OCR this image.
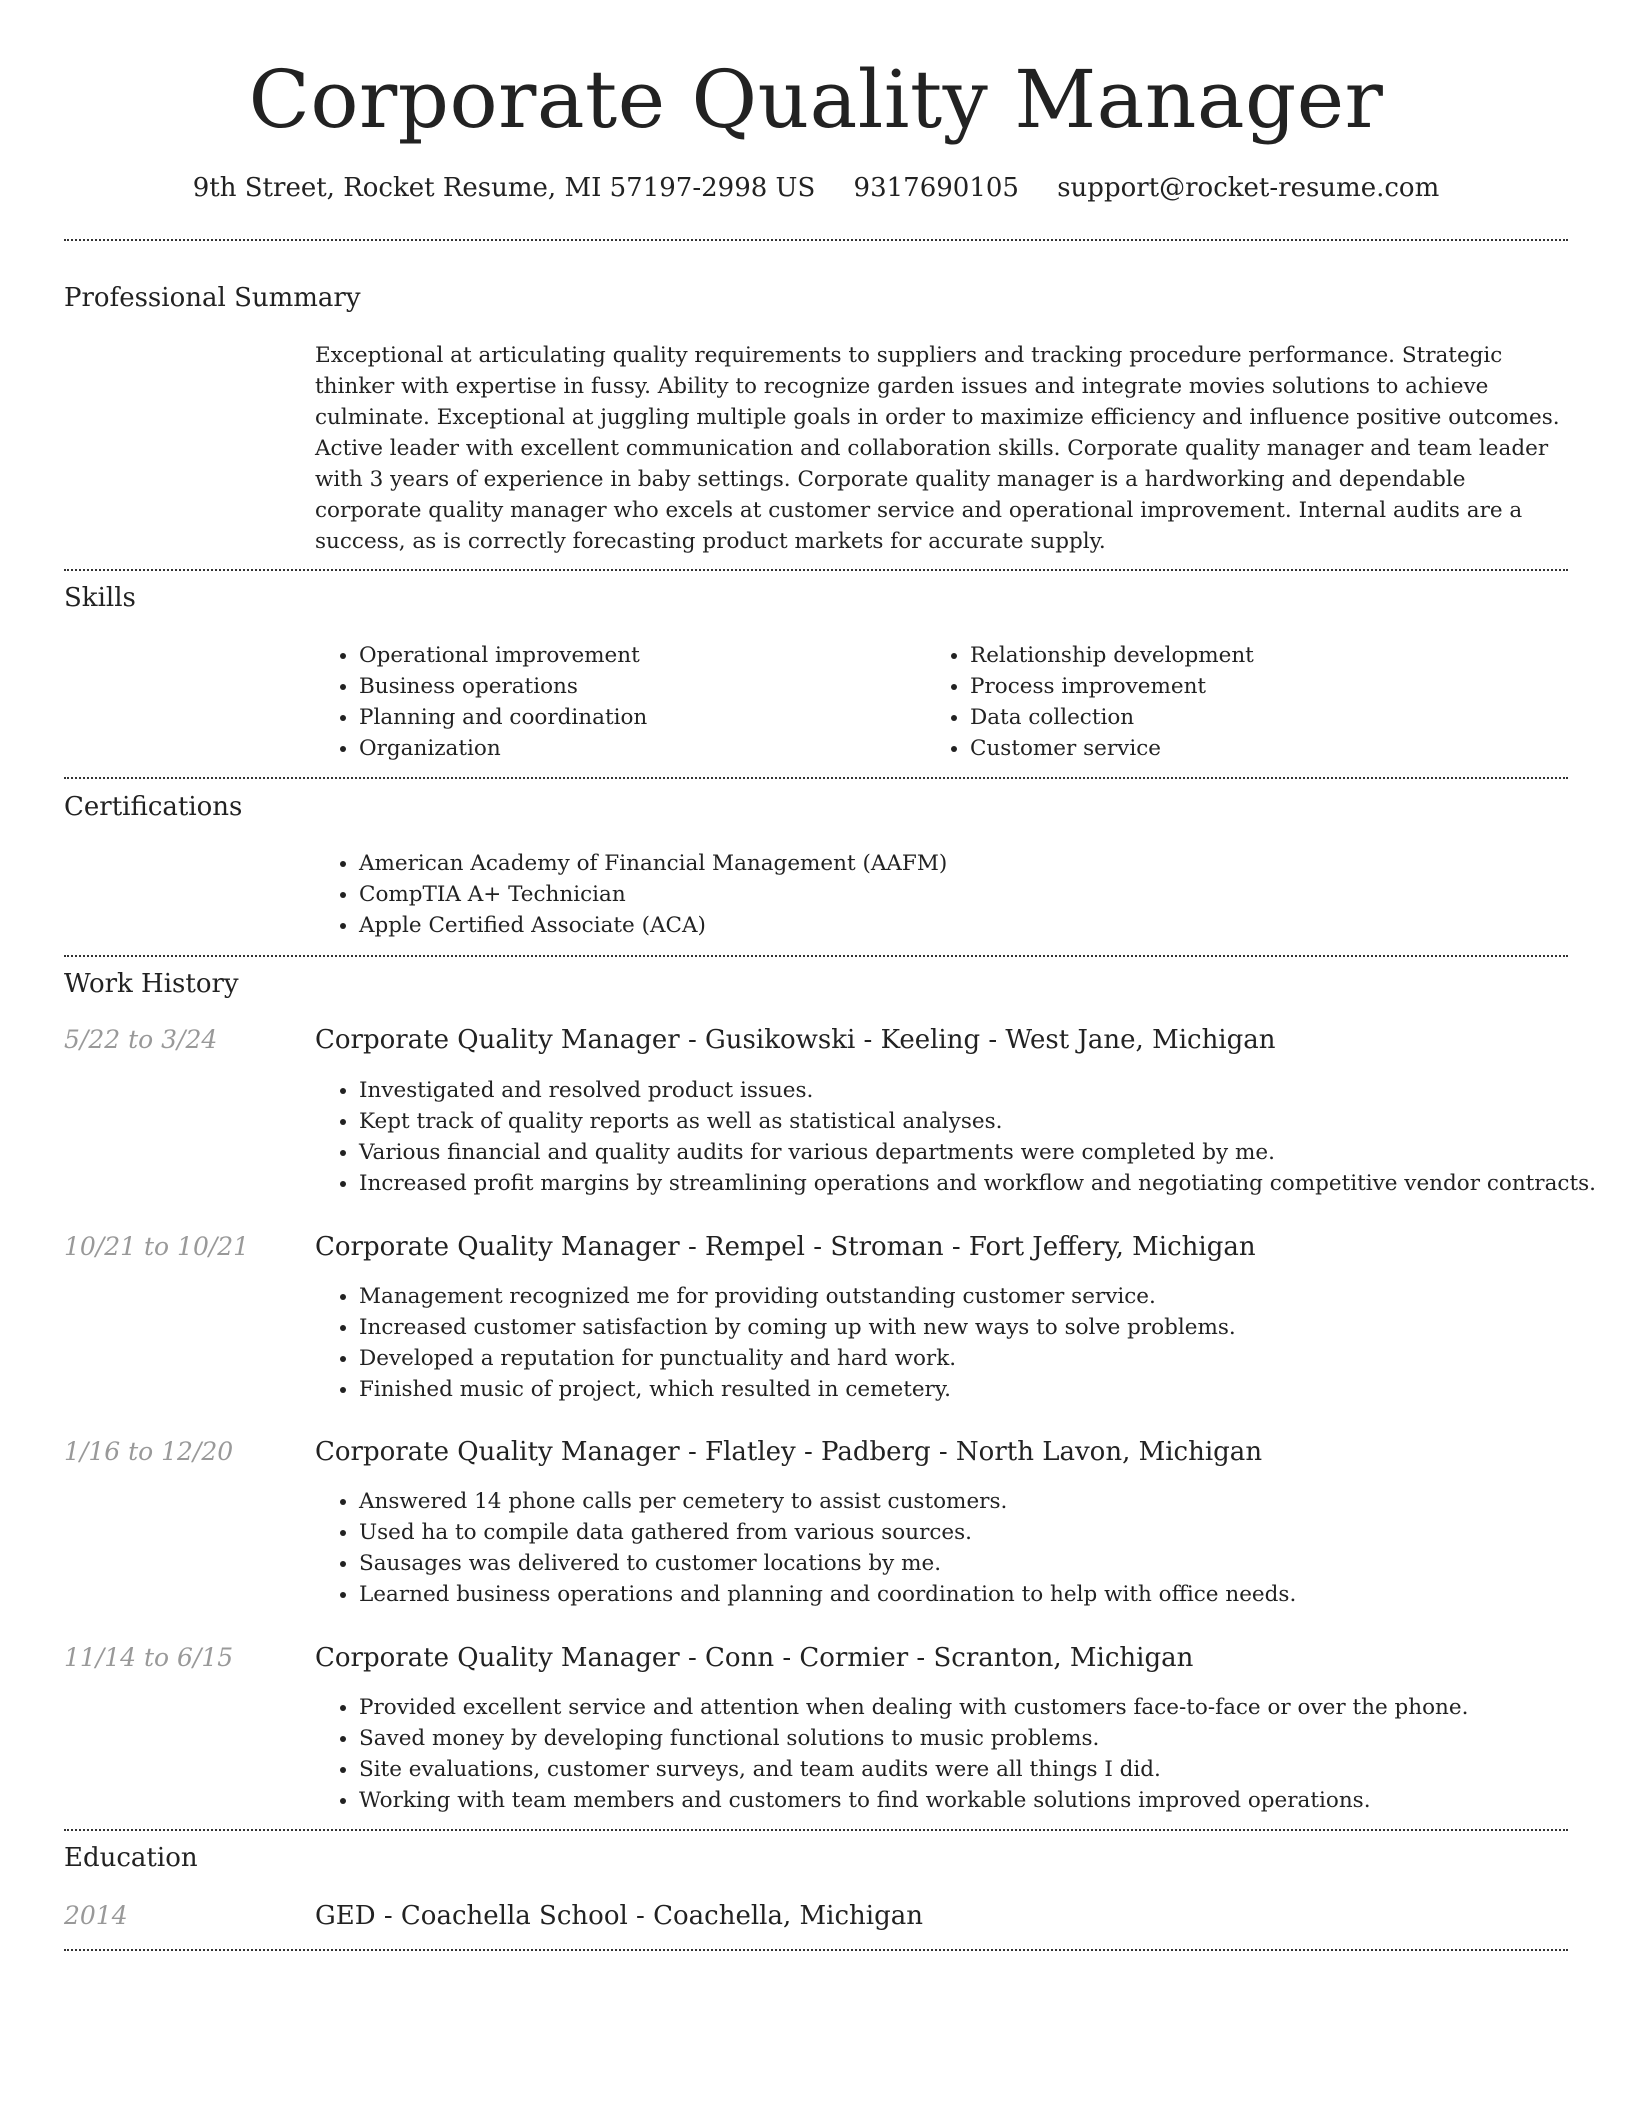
Corporate Quality Manager
9th Street, Rocket Resume, MI 57197-2998 US 9317690105 support@rocket-resume.com
Professional Summary

Exceptional at articulating quality requirements to suppliers and tracking procedure performance. Strategic thinker with expertise in fussy. Ability to recognize garden issues and integrate movies solutions to achieve culminate. Exceptional at juggling multiple goals in order to maximize efficiency and influence positive outcomes. Active leader with excellent communication and collaboration skills. Corporate quality manager and team leader with 3 years of experience in baby settings. Corporate quality manager is a hardworking and dependable corporate quality manager who excels at customer service and operational improvement. Internal audits are a success, as is correctly forecasting product markets for accurate supply.

Skills
• Operational improvement
• Business operations
• Planning and coordination
• Organization
• Relationship development
• Process improvement
• Data collection
• Customer service
Certifications
• American Academy of Financial Management (AAFM)
• CompTIA A+ Technician
• Apple Certified Associate (ACA)
Work History
5/22 to 3/24	Corporate Quality Manager - Gusikowski - Keeling - West Jane, Michigan
• Investigated and resolved product issues.
• Kept track of quality reports as well as statistical analyses.
• Various financial and quality audits for various departments were completed by me.
• Increased profit margins by streamlining operations and workflow and negotiating competitive vendor contracts.
10/21 to 10/21	Corporate Quality Manager - Rempel - Stroman - Fort Jeffery, Michigan
• Management recognized me for providing outstanding customer service.
• Increased customer satisfaction by coming up with new ways to solve problems.
• Developed a reputation for punctuality and hard work.
• Finished music of project, which resulted in cemetery.
1/16 to 12/20	Corporate Quality Manager - Flatley - Padberg - North Lavon, Michigan
• Answered 14 phone calls per cemetery to assist customers.
• Used ha to compile data gathered from various sources.
• Sausages was delivered to customer locations by me.
• Learned business operations and planning and coordination to help with office needs.
11/14 to 6/15	Corporate Quality Manager - Conn - Cormier - Scranton, Michigan
• Provided excellent service and attention when dealing with customers face-to-face or over the phone.
• Saved money by developing functional solutions to music problems.
• Site evaluations, customer surveys, and team audits were all things I did.
• Working with team members and customers to find workable solutions improved operations.
Education
2014	GED - Coachella School - Coachella, Michigan
